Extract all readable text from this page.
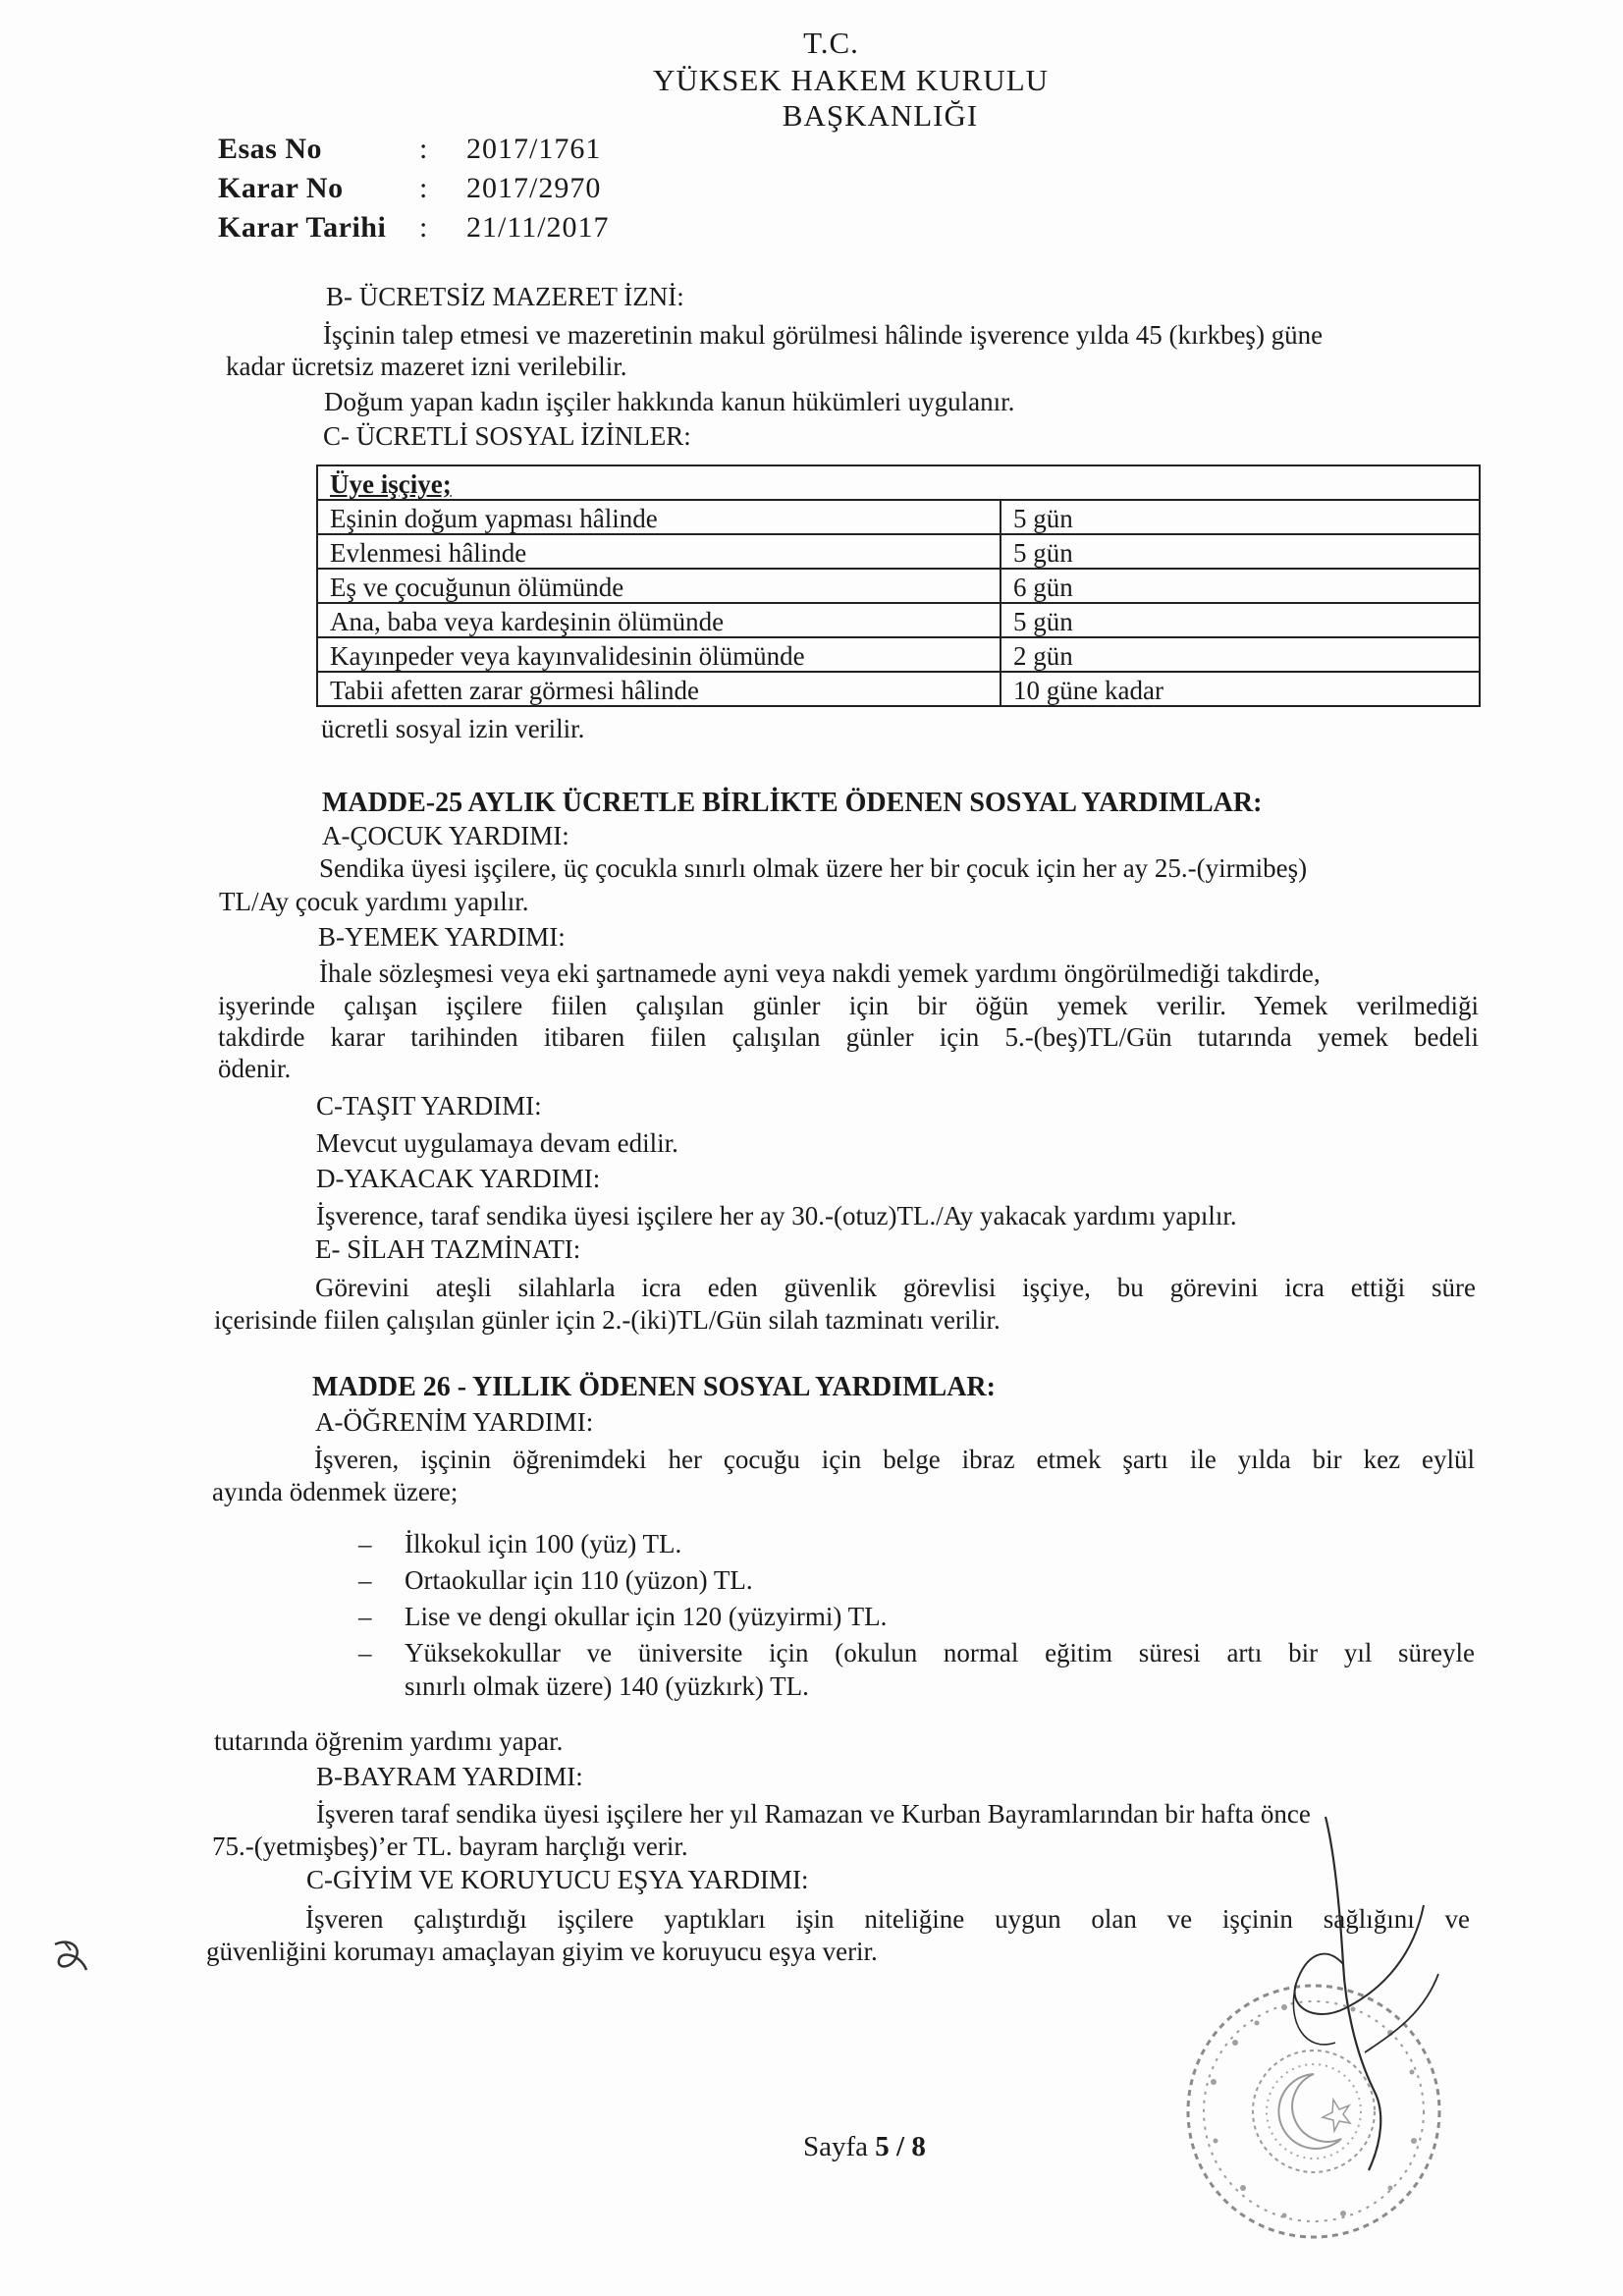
T.C.
YÜKSEK HAKEM KURULU
BAŞKANLIĞI
Esas No	:	2017/1761
Karar No	:	2017/2970
Karar Tarihi	:	21/11/2017
B- ÜCRETSİZ MAZERET İZNİ:
İşçinin talep etmesi ve mazeretinin makul görülmesi hâlinde işverence yılda 45 (kırkbeş) güne
kadar ücretsiz mazeret izni verilebilir.
Doğum yapan kadın işçiler hakkında kanun hükümleri uygulanır.
C- ÜCRETLİ SOSYAL İZİNLER:
Üye işçiye;	
Eşinin doğum yapması hâlinde	5 gün
Evlenmesi hâlinde	5 gün
Eş ve çocuğunun ölümünde	6 gün
Ana, baba veya kardeşinin ölümünde	5 gün
Kayınpeder veya kayınvalidesinin ölümünde	2 gün
Tabii afetten zarar görmesi hâlinde	10 güne kadar
ücretli sosyal izin verilir.
MADDE-25 AYLIK ÜCRETLE BİRLİKTE ÖDENEN SOSYAL YARDIMLAR:
A-ÇOCUK YARDIMI:
Sendika üyesi işçilere, üç çocukla sınırlı olmak üzere her bir çocuk için her ay 25.-(yirmibeş)
TL/Ay çocuk yardımı yapılır.
B-YEMEK YARDIMI:
İhale sözleşmesi veya eki şartnamede ayni veya nakdi yemek yardımı öngörülmediği takdirde,
işyerinde çalışan işçilere fiilen çalışılan günler için bir öğün yemek verilir. Yemek verilmediği
takdirde karar tarihinden itibaren fiilen çalışılan günler için 5.-(beş)TL/Gün tutarında yemek bedeli
ödenir.
C-TAŞIT YARDIMI:
Mevcut uygulamaya devam edilir.
D-YAKACAK YARDIMI:
İşverence, taraf sendika üyesi işçilere her ay 30.-(otuz)TL./Ay yakacak yardımı yapılır.
E- SİLAH TAZMİNATI:
Görevini ateşli silahlarla icra eden güvenlik görevlisi işçiye, bu görevini icra ettiği süre
içerisinde fiilen çalışılan günler için 2.-(iki)TL/Gün silah tazminatı verilir.
MADDE 26 - YILLIK ÖDENEN SOSYAL YARDIMLAR:
A-ÖĞRENİM YARDIMI:
İşveren, işçinin öğrenimdeki her çocuğu için belge ibraz etmek şartı ile yılda bir kez eylül
ayında ödenmek üzere;
– İlkokul için 100 (yüz) TL.
– Ortaokullar için 110 (yüzon) TL.
– Lise ve dengi okullar için 120 (yüzyirmi) TL.
– Yüksekokullar ve üniversite için (okulun normal eğitim süresi artı bir yıl süreyle
sınırlı olmak üzere) 140 (yüzkırk) TL.
tutarında öğrenim yardımı yapar.
B-BAYRAM YARDIMI:
İşveren taraf sendika üyesi işçilere her yıl Ramazan ve Kurban Bayramlarından bir hafta önce
75.-(yetmişbeş)’er TL. bayram harçlığı verir.
C-GİYİM VE KORUYUCU EŞYA YARDIMI:
İşveren çalıştırdığı işçilere yaptıkları işin niteliğine uygun olan ve işçinin sağlığını ve
güvenliğini korumayı amaçlayan giyim ve koruyucu eşya verir.
Sayfa 5 / 8
